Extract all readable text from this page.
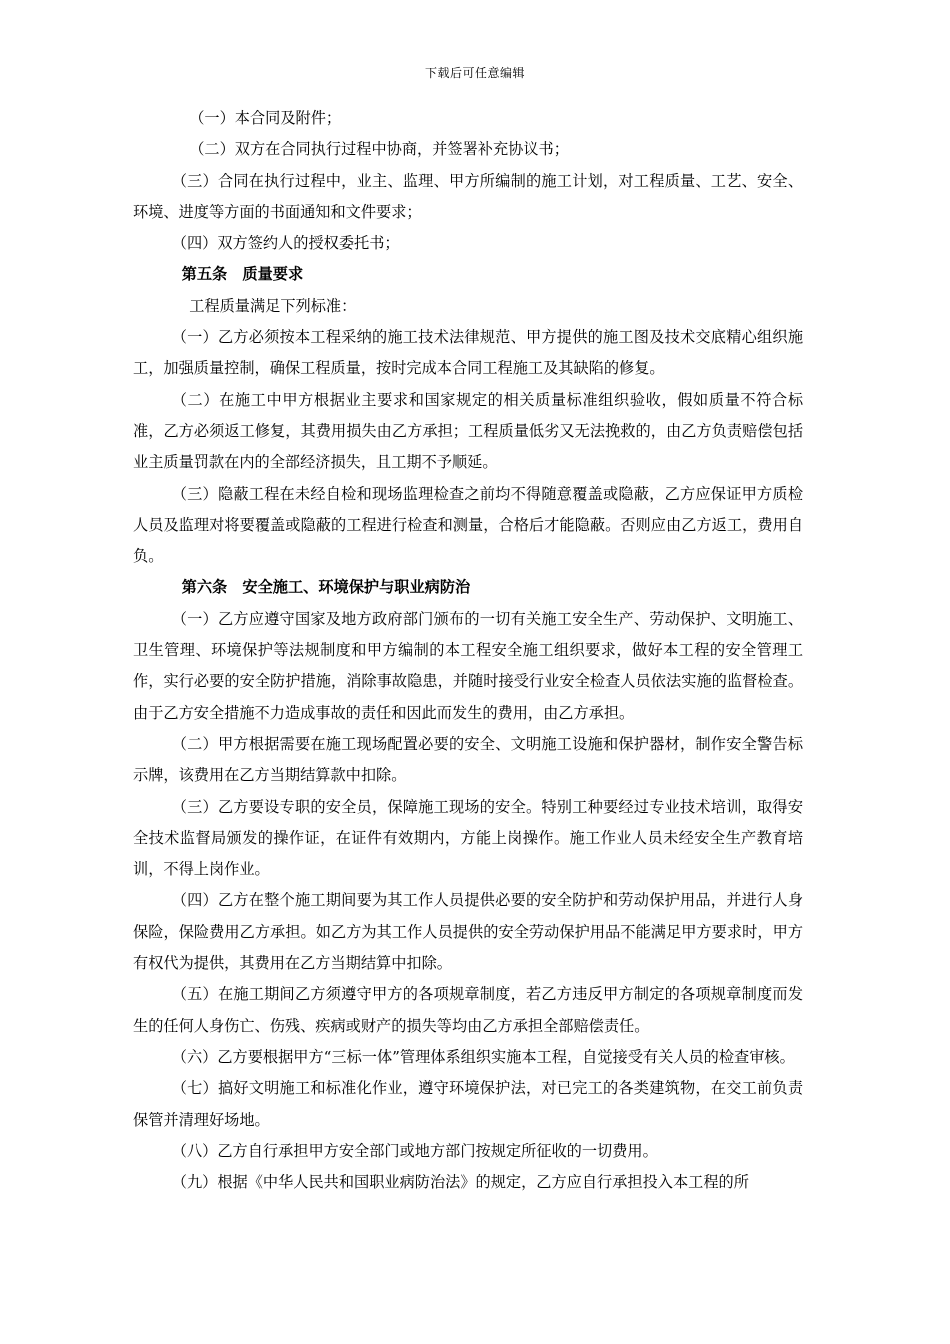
下载后可任意编辑

（一）本合同及附件；

（二）双方在合同执行过程中协商，并签署补充协议书；

（三）合同在执行过程中，业主、监理、甲方所编制的施工计划，对工程质量、工艺、安全、环境、进度等方面的书面通知和文件要求；

（四）双方签约人的授权委托书；

第五条　质量要求

工程质量满足下列标准：

（一）乙方必须按本工程采纳的施工技术法律规范、甲方提供的施工图及技术交底精心组织施工，加强质量控制，确保工程质量，按时完成本合同工程施工及其缺陷的修复。

（二）在施工中甲方根据业主要求和国家规定的相关质量标准组织验收，假如质量不符合标准，乙方必须返工修复，其费用损失由乙方承担；工程质量低劣又无法挽救的，由乙方负责赔偿包括业主质量罚款在内的全部经济损失，且工期不予顺延。

（三）隐蔽工程在未经自检和现场监理检查之前均不得随意覆盖或隐蔽，乙方应保证甲方质检人员及监理对将要覆盖或隐蔽的工程进行检查和测量，合格后才能隐蔽。否则应由乙方返工，费用自负。

第六条　安全施工、环境保护与职业病防治

（一）乙方应遵守国家及地方政府部门颁布的一切有关施工安全生产、劳动保护、文明施工、卫生管理、环境保护等法规制度和甲方编制的本工程安全施工组织要求，做好本工程的安全管理工作，实行必要的安全防护措施，消除事故隐患，并随时接受行业安全检查人员依法实施的监督检查。由于乙方安全措施不力造成事故的责任和因此而发生的费用，由乙方承担。

（二）甲方根据需要在施工现场配置必要的安全、文明施工设施和保护器材，制作安全警告标示牌，该费用在乙方当期结算款中扣除。

（三）乙方要设专职的安全员，保障施工现场的安全。特别工种要经过专业技术培训，取得安全技术监督局颁发的操作证，在证件有效期内，方能上岗操作。施工作业人员未经安全生产教育培训，不得上岗作业。

（四）乙方在整个施工期间要为其工作人员提供必要的安全防护和劳动保护用品，并进行人身保险，保险费用乙方承担。如乙方为其工作人员提供的安全劳动保护用品不能满足甲方要求时，甲方有权代为提供，其费用在乙方当期结算中扣除。

（五）在施工期间乙方须遵守甲方的各项规章制度，若乙方违反甲方制定的各项规章制度而发生的任何人身伤亡、伤残、疾病或财产的损失等均由乙方承担全部赔偿责任。

（六）乙方要根据甲方“三标一体”管理体系组织实施本工程，自觉接受有关人员的检查审核。

（七）搞好文明施工和标准化作业，遵守环境保护法，对已完工的各类建筑物，在交工前负责保管并清理好场地。

（八）乙方自行承担甲方安全部门或地方部门按规定所征收的一切费用。

（九）根据《中华人民共和国职业病防治法》的规定，乙方应自行承担投入本工程的所
